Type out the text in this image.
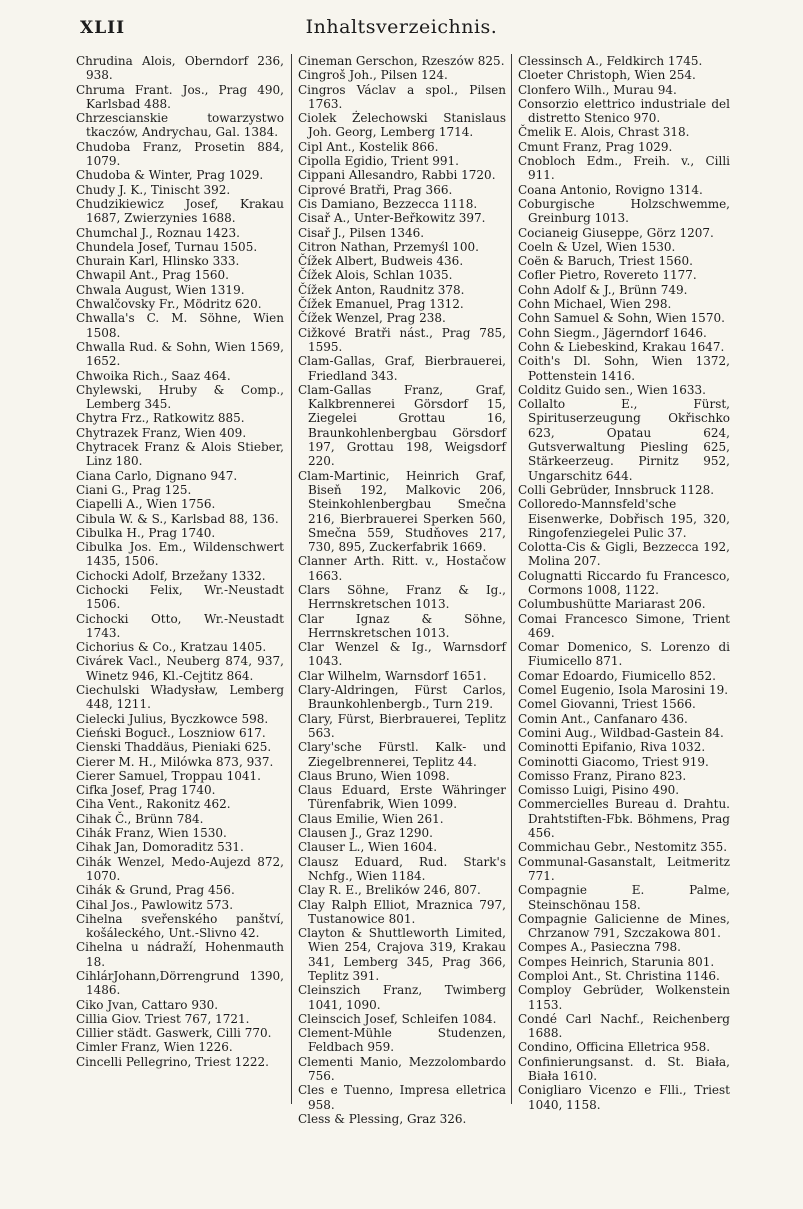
XLII	Inhaltsverzeichnis.

Chrudina Alois, Oberndorf 236, 938.

Chruma Frant. Jos., Prag 490, Karlsbad 488.

Chrzescianskie towarzystwo tkaczów, Andrychau, Gal. 1384.

Chudoba Franz, Prosetin 884, 1079.

Chudoba & Winter, Prag 1029.

Chudy J. K., Tinischt 392.

Chudzikiewicz Josef, Krakau 1687, Zwierzynies 1688.

Chumchal J., Roznau 1423.

Chundela Josef, Turnau 1505.

Churain Karl, Hlinsko 333.

Chwapil Ant., Prag 1560.

Chwala August, Wien 1319.

Chwalčovsky Fr., Mödritz 620.

Chwalla's C. M. Söhne, Wien 1508.

Chwalla Rud. & Sohn, Wien 1569, 1652.

Chwoika Rich., Saaz 464.

Chylewski, Hruby & Comp., Lemberg 345.

Chytra Frz., Ratkowitz 885.

Chytrazek Franz, Wien 409.

Chytracek Franz & Alois Stieber, Linz 180.

Ciana Carlo, Dignano 947.

Ciani G., Prag 125.

Ciapelli A., Wien 1756.

Cibula W. & S., Karlsbad 88, 136.

Cibulka H., Prag 1740.

Cibulka Jos. Em., Wildenschwert 1435, 1506.

Cichocki Adolf, Brzežany 1332.

Cichocki Felix, Wr.-Neustadt 1506.

Cichocki Otto, Wr.-Neustadt 1743.

Cichorius & Co., Kratzau 1405.

Civárek Vacl., Neuberg 874, 937, Winetz 946, Kl.-Cejtitz 864.

Ciechulski Władysław, Lemberg 448, 1211.

Cielecki Julius, Byczkowce 598.

Cieński Boguсł., Loszniow 617.

Cienski Thaddäus, Pieniaki 625.

Cierer M. H., Milówka 873, 937.

Cierer Samuel, Troppau 1041.

Cifka Josef, Prag 1740.

Ciha Vent., Rakonitz 462.

Cihak Č., Brünn 784.

Cihák Franz, Wien 1530.

Cihak Jan, Domoraditz 531.

Cihák Wenzel, Medo-Aujezd 872, 1070.

Cihák & Grund, Prag 456.

Cihal Jos., Pawlowitz 573.

Cihelna sveřenského panštví, košáleckého, Unt.-Slivno 42.

Cihelna u nádraží, Hohenmauth 18.

CihlárJohann,Dörrengrund 1390, 1486.

Ciko Jvan, Cattaro 930.

Cillia Giov. Triest 767, 1721.

Cillier städt. Gaswerk, Cilli 770.

Cimler Franz, Wien 1226.

Cincelli Pellegrino, Triest 1222.

Cineman Gerschon, Rzeszów 825.

Cingroš Joh., Pilsen 124.

Cingros Václav a spol., Pilsen 1763.

Ciolek Żelechowski Stanislaus Joh. Georg, Lemberg 1714.

Cipl Ant., Kostelik 866.

Cipolla Egidio, Trient 991.

Cippani Allesandro, Rabbi 1720.

Ciprové Bratři, Prag 366.

Cis Damiano, Bezzecca 1118.

Cisař A., Unter-Beřkowitz 397.

Cisař J., Pilsen 1346.

Citron Nathan, Przemyśl 100.

Čížek Albert, Budweis 436.

Čížek Alois, Schlan 1035.

Čížek Anton, Raudnitz 378.

Čížek Emanuel, Prag 1312.

Čížek Wenzel, Prag 238.

Cižkové Bratři nást., Prag 785, 1595.

Clam-Gallas, Graf, Bierbrauerei, Friedland 343.

Clam-Gallas Franz, Graf, Kalkbrennerei Görsdorf 15, Ziegelei Grottau 16, Braunkohlenbergbau Görsdorf 197, Grottau 198, Weigsdorf 220.

Clam-Martinic, Heinrich Graf, Biseň 192, Malkovic 206, Steinkohlenbergbau Smečna 216, Bierbrauerei Sperken 560, Smečna 559, Studňoves 217, 730, 895, Zuckerfabrik 1669.

Clanner Arth. Ritt. v., Hostačow 1663.

Clars Söhne, Franz & Ig., Herrnskretschen 1013.

Clar Ignaz & Söhne, Herrnskretschen 1013.

Clar Wenzel & Ig., Warnsdorf 1043.

Clar Wilhelm, Warnsdorf 1651.

Clary-Aldringen, Fürst Carlos, Braunkohlenbergb., Turn 219.

Clary, Fürst, Bierbrauerei, Teplitz 563.

Clary'sche Fürstl. Kalk- und Ziegelbrennerei, Teplitz 44.

Claus Bruno, Wien 1098.

Claus Eduard, Erste Währinger Türenfabrik, Wien 1099.

Claus Emilie, Wien 261.

Clausen J., Graz 1290.

Clauser L., Wien 1604.

Clausz Eduard, Rud. Stark's Nchfg., Wien 1184.

Clay R. E., Brelików 246, 807.

Clay Ralph Elliot, Mraznica 797, Tustanowice 801.

Clayton & Shuttleworth Limited, Wien 254, Crajova 319, Krakau 341, Lemberg 345, Prag 366, Teplitz 391.

Cleinszich Franz, Twimberg 1041, 1090.

Cleinscich Josef, Schleifen 1084.

Clement-Mühle Studenzen, Feldbach 959.

Clementi Manio, Mezzolombardo 756.

Cles e Tuenno, Impresa elletrica 958.

Cless & Plessing, Graz 326.

Clessinsch A., Feldkirch 1745.

Cloeter Christoph, Wien 254.

Clonfero Wilh., Murau 94.

Consorzio elettrico industriale del distretto Stenico 970.

Čmelik E. Alois, Chrast 318.

Cmunt Franz, Prag 1029.

Cnobloch Edm., Freih. v., Cilli 911.

Coana Antonio, Rovigno 1314.

Coburgische Holzschwemme, Greinburg 1013.

Cocianeig Giuseppe, Görz 1207.

Coeln & Uzel, Wien 1530.

Coën & Baruch, Triest 1560.

Cofler Pietro, Rovereto 1177.

Cohn Adolf & J., Brünn 749.

Cohn Michael, Wien 298.

Cohn Samuel & Sohn, Wien 1570.

Cohn Siegm., Jägerndorf 1646.

Cohn & Liebeskind, Krakau 1647.

Coith's Dl. Sohn, Wien 1372, Pottenstein 1416.

Colditz Guido sen., Wien 1633.

Collalto E., Fürst, Spirituserzeugung Okřischko 623, Opatau 624, Gutsverwaltung Piesling 625, Stärkeerzeug. Pirnitz 952, Ungarschitz 644.

Colli Gebrüder, Innsbruck 1128.

Colloredo-Mannsfeld'sche Eisenwerke, Dobřisch 195, 320, Ringofenziegelei Pulic 37.

Colotta-Cis & Gigli, Bezzecca 192, Molina 207.

Colugnatti Riccardo fu Francesco, Cormons 1008, 1122.

Columbushütte Mariarast 206.

Comai Francesco Simone, Trient 469.

Comar Domenico, S. Lorenzo di Fiumicello 871.

Comar Edoardo, Fiumicello 852.

Comel Eugenio, Isola Marosini 19.

Comel Giovanni, Triest 1566.

Comin Ant., Canfanaro 436.

Comini Aug., Wildbad-Gastein 84.

Cominotti Epifanio, Riva 1032.

Cominotti Giacomo, Triest 919.

Comisso Franz, Pirano 823.

Comisso Luigi, Pisino 490.

Commercielles Bureau d. Drahtu. Drahtstiften-Fbk. Böhmens, Prag 456.

Commichau Gebr., Nestomitz 355.

Communal-Gasanstalt, Leitmeritz 771.

Compagnie E. Palme, Steinschönau 158.

Compagnie Galicienne de Mines, Chrzanow 791, Szczakowa 801.

Compes A., Pasieczna 798.

Compes Heinrich, Starunia 801.

Comploi Ant., St. Christina 1146.

Comploy Gebrüder, Wolkenstein 1153.

Condé Carl Nachf., Reichenberg 1688.

Condino, Officina Elletrica 958.

Confinierungsanst. d. St. Biała, Biała 1610.

Conigliaro Vicenzo e Flli., Triest 1040, 1158.
